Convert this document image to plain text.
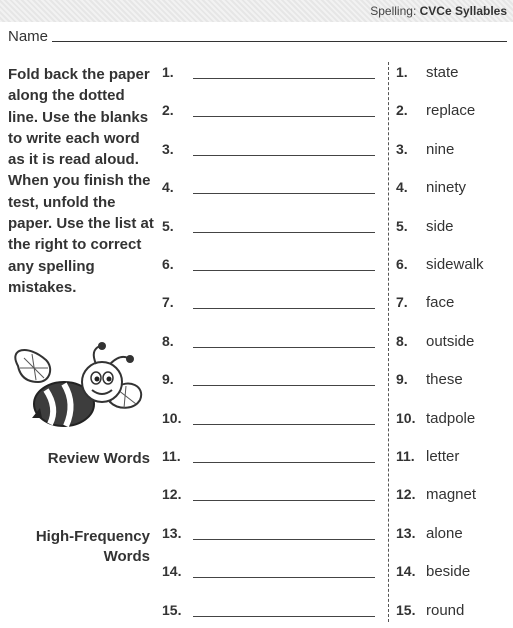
Spelling: CVCe Syllables
Name
Fold back the paper along the dotted line. Use the blanks to write each word as it is read aloud. When you finish the test, unfold the paper. Use the list at the right to correct any spelling mistakes.
Review Words
High-Frequency Words
1.	1. state
2.	2. replace
3.	3. nine
4.	4. ninety
5.	5. side
6.	6. sidewalk
7.	7. face
8.	8. outside
9.	9. these
10.	10. tadpole
11.	11. letter
12.	12. magnet
13.	13. alone
14.	14. beside
15.	15. round
